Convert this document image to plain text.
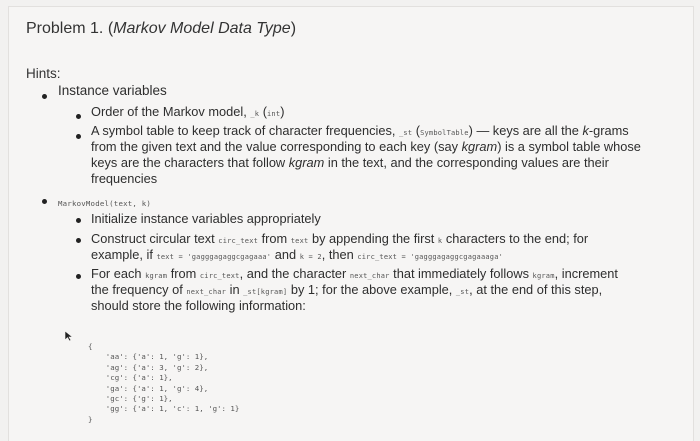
Problem 1. (Markov Model Data Type)
Hints:
Instance variables
Order of the Markov model, _k (int)
A symbol table to keep track of character frequencies, _st (SymbolTable) — keys are all the k-grams
from the given text and the value corresponding to each key (say kgram) is a symbol table whose
keys are the characters that follow kgram in the text, and the corresponding values are their
frequencies
MarkovModel(text, k)
Initialize instance variables appropriately
Construct circular text circ_text from text by appending the first k characters to the end; for
example, if text = 'gagggagaggcgagaaa' and k = 2, then circ_text = 'gagggagaggcgagaaaga'
For each kgram from circ_text, and the character next_char that immediately follows kgram, increment
the frequency of next_char in _st[kgram] by 1; for the above example, _st, at the end of this step,
should store the following information:
{
'aa': {'a': 1, 'g': 1},
'ag': {'a': 3, 'g': 2},
'cg': {'a': 1},
'ga': {'a': 1, 'g': 4},
'gc': {'g': 1},
'gg': {'a': 1, 'c': 1, 'g': 1}
}
